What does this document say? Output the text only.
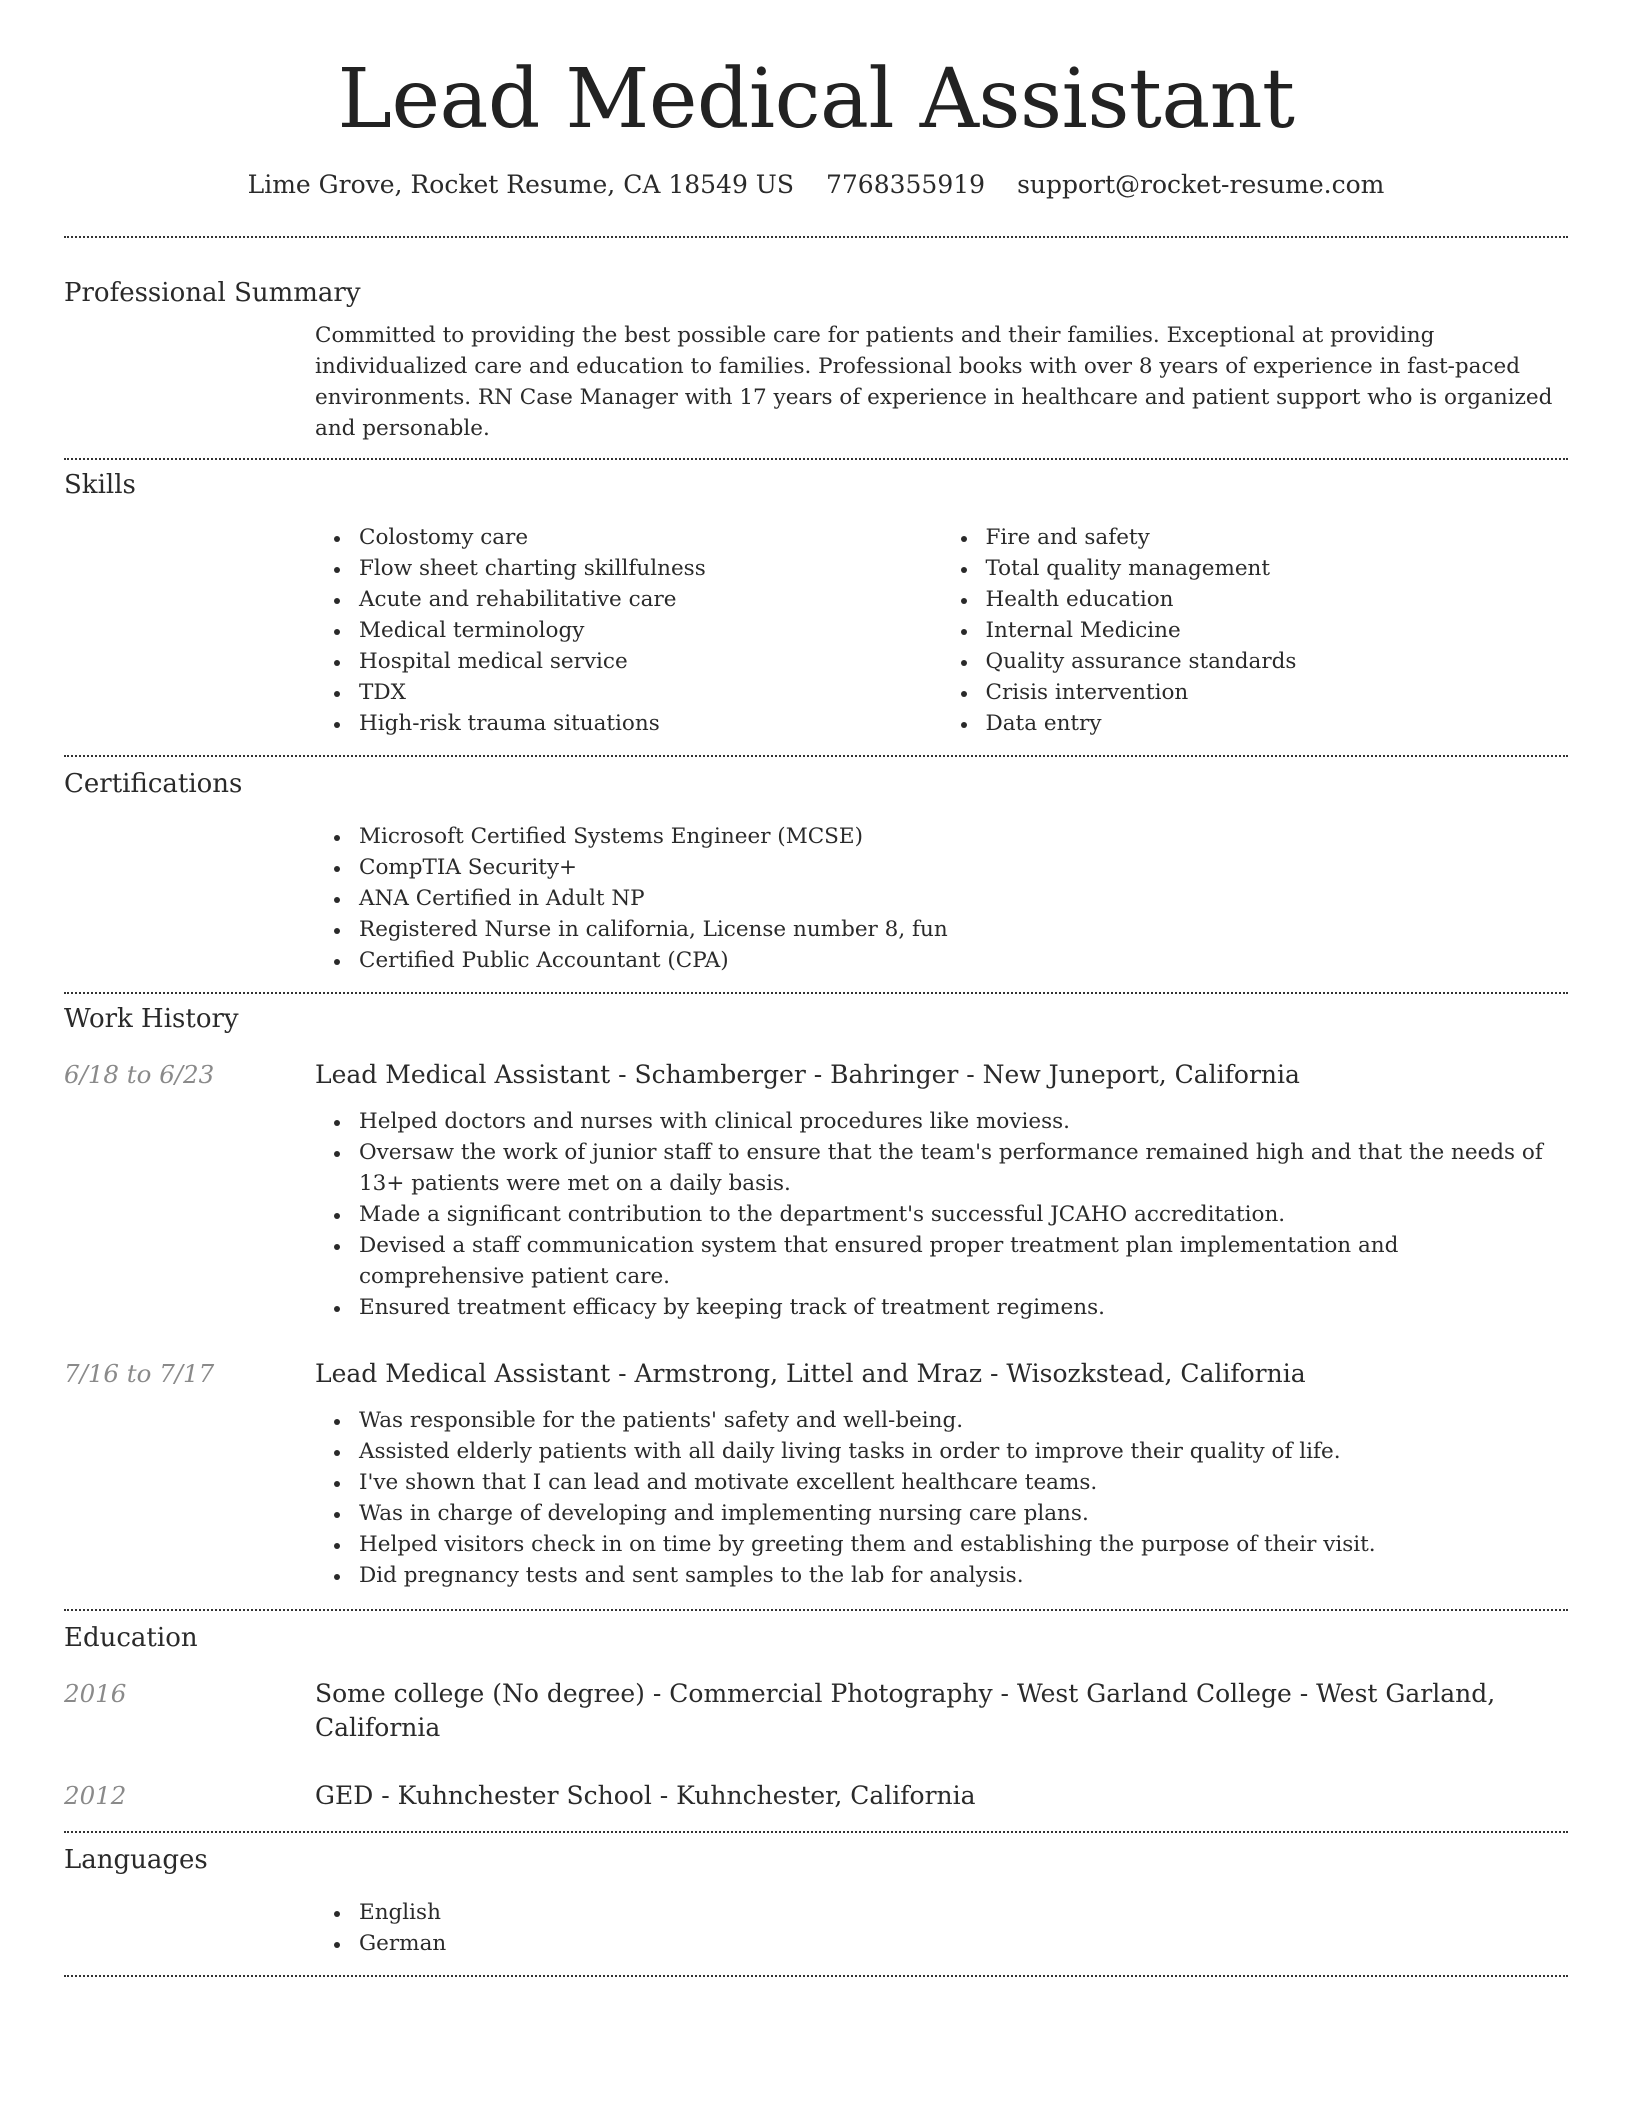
Lead Medical Assistant
Lime Grove, Rocket Resume, CA 18549 US 7768355919 support@rocket-resume.com
Professional Summary

Committed to providing the best possible care for patients and their families. Exceptional at providing individualized care and education to families. Professional books with over 8 years of experience in fast-paced environments. RN Case Manager with 17 years of experience in healthcare and patient support who is organized and personable.

Skills
Colostomy care
Flow sheet charting skillfulness
Acute and rehabilitative care
Medical terminology
Hospital medical service
TDX
High-risk trauma situations
Fire and safety
Total quality management
Health education
Internal Medicine
Quality assurance standards
Crisis intervention
Data entry
Certifications
Microsoft Certified Systems Engineer (MCSE)
CompTIA Security+
ANA Certified in Adult NP
Registered Nurse in california, License number 8, fun
Certified Public Accountant (CPA)
Work History
6/18 to 6/23	Lead Medical Assistant - Schamberger - Bahringer - New Juneport, California
Helped doctors and nurses with clinical procedures like moviess.
Oversaw the work of junior staff to ensure that the team's performance remained high and that the needs of 13+ patients were met on a daily basis.
Made a significant contribution to the department's successful JCAHO accreditation.
Devised a staff communication system that ensured proper treatment plan implementation and comprehensive patient care.
Ensured treatment efficacy by keeping track of treatment regimens.
7/16 to 7/17	Lead Medical Assistant - Armstrong, Littel and Mraz - Wisozkstead, California
Was responsible for the patients' safety and well-being.
Assisted elderly patients with all daily living tasks in order to improve their quality of life.
I've shown that I can lead and motivate excellent healthcare teams.
Was in charge of developing and implementing nursing care plans.
Helped visitors check in on time by greeting them and establishing the purpose of their visit.
Did pregnancy tests and sent samples to the lab for analysis.
Education
2016	Some college (No degree) - Commercial Photography - West Garland College - West Garland, California
2012	GED - Kuhnchester School - Kuhnchester, California
Languages
English
German
